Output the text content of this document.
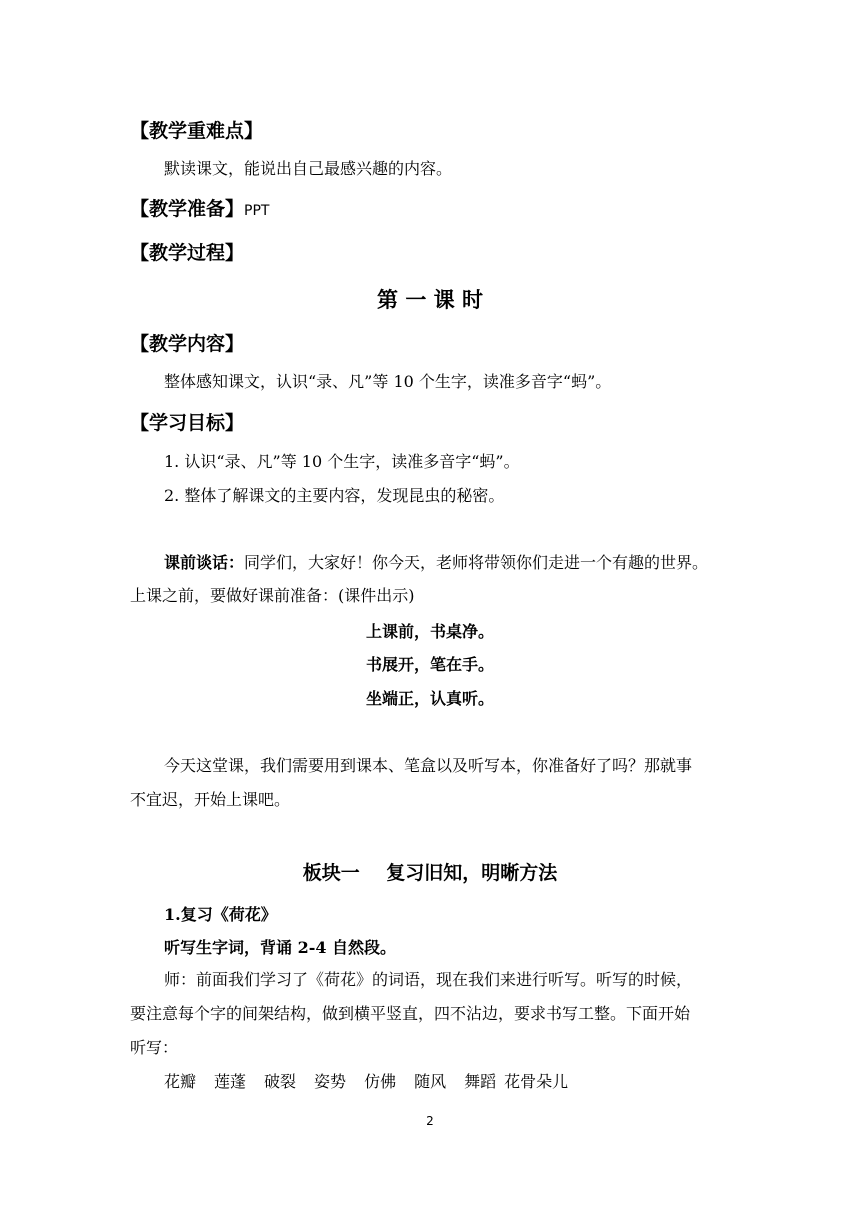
【教学重难点】
默读课文，能说出自己最感兴趣的内容。
【教学准备】PPT
【教学过程】
第 一 课 时
【教学内容】
整体感知课文，认识“录、凡”等 10 个生字，读准多音字“蚂”。
【学习目标】
1. 认识“录、凡”等 10 个生字，读准多音字“蚂”。
2. 整体了解课文的主要内容，发现昆虫的秘密。
课前谈话：同学们，大家好！你今天，老师将带领你们走进一个有趣的世界。
上课之前，要做好课前准备：(课件出示)
上课前，书桌净。
书展开，笔在手。
坐端正，认真听。
今天这堂课，我们需要用到课本、笔盒以及听写本，你准备好了吗？那就事
不宜迟，开始上课吧。
板块一    复习旧知，明晰方法
1.复习《荷花》
听写生字词，背诵 2-4 自然段。
师：前面我们学习了《荷花》的词语，现在我们来进行听写。听写的时候，
要注意每个字的间架结构，做到横平竖直，四不沾边，要求书写工整。下面开始
听写：
花瓣 莲蓬 破裂 姿势 仿佛 随风 舞蹈 花骨朵儿
2
